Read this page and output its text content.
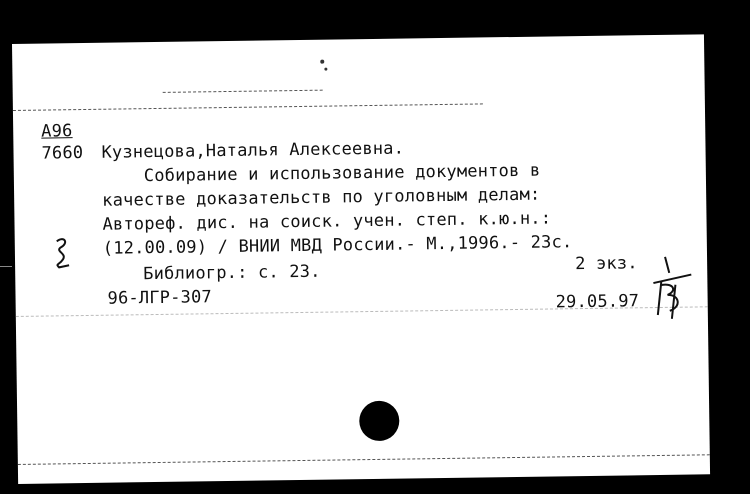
А96
7660 Кузнецова,Наталья Алексеевна.
Собирание и использование документов в
качестве доказательств по уголовным делам:
Автореф. дис. на соиск. учен. степ. к.ю.н.:
(12.00.09) / ВНИИ МВД России.- М.,1996.- 23с.
2 экз.
Библиогр.: с. 23.
96-ЛГР-307	29.05.97
